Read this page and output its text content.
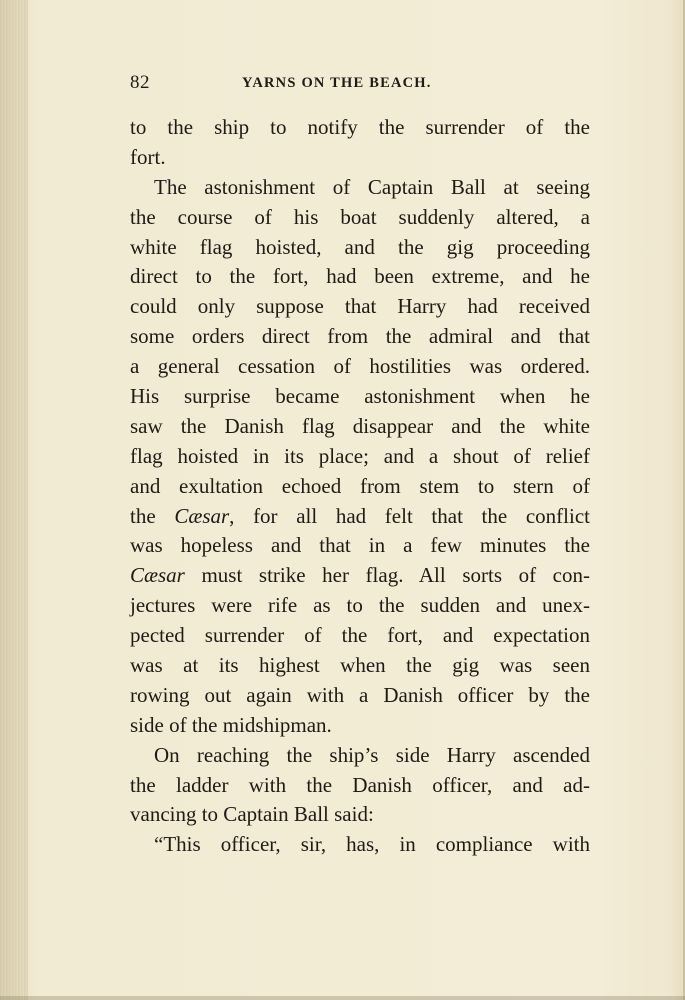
82	YARNS ON THE BEACH.
to the ship to notify the surrender of the
fort.
The astonishment of Captain Ball at seeing
the course of his boat suddenly altered, a
white flag hoisted, and the gig proceeding
direct to the fort, had been extreme, and he
could only suppose that Harry had received
some orders direct from the admiral and that
a general cessation of hostilities was ordered.
His surprise became astonishment when he
saw the Danish flag disappear and the white
flag hoisted in its place; and a shout of relief
and exultation echoed from stem to stern of
the Cæsar, for all had felt that the conflict
was hopeless and that in a few minutes the
Cæsar must strike her flag. All sorts of con-
jectures were rife as to the sudden and unex-
pected surrender of the fort, and expectation
was at its highest when the gig was seen
rowing out again with a Danish officer by the
side of the midshipman.
On reaching the ship’s side Harry ascended
the ladder with the Danish officer, and ad-
vancing to Captain Ball said:
“This officer, sir, has, in compliance with
